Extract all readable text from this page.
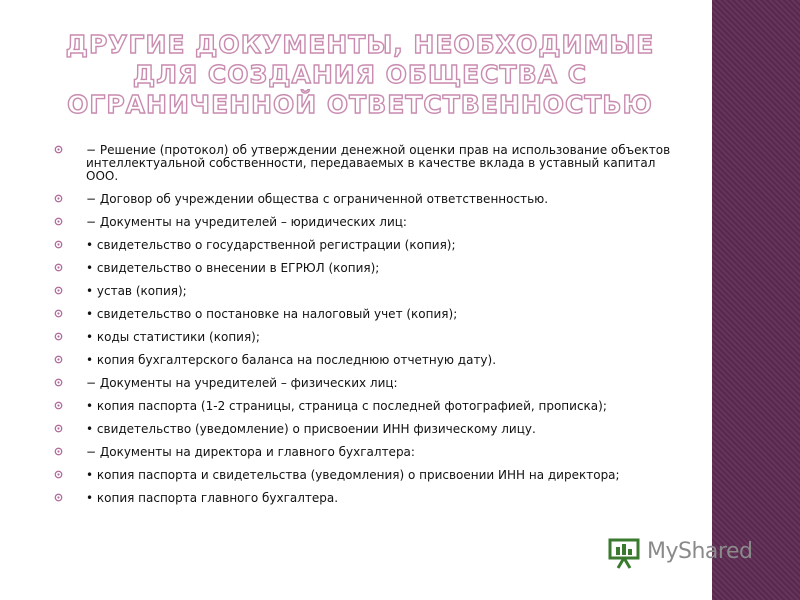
ДРУГИЕ ДОКУМЕНТЫ, НЕОБХОДИМЫЕ ДЛЯ СОЗДАНИЯ ОБЩЕСТВА С ОГРАНИЧЕННОЙ ОТВЕТСТВЕННОСТЬЮ
− Решение (протокол) об утверждении денежной оценки прав на использование объектов интеллектуальной собственности, передаваемых в качестве вклада в уставный капитал ООО.
− Договор об учреждении общества с ограниченной ответственностью.
− Документы на учредителей – юридических лиц:
• свидетельство о государственной регистрации (копия);
• свидетельство о внесении в ЕГРЮЛ (копия);
• устав (копия);
• свидетельство о постановке на налоговый учет (копия);
• коды статистики (копия);
• копия бухгалтерского баланса на последнюю отчетную дату).
− Документы на учредителей – физических лиц:
• копия паспорта (1-2 страницы, страница с последней фотографией, прописка);
• свидетельство (уведомление) о присвоении ИНН физическому лицу.
− Документы на директора и главного бухгалтера:
• копия паспорта и свидетельства (уведомления) о присвоении ИНН на директора;
• копия паспорта главного бухгалтера.
MyShared
